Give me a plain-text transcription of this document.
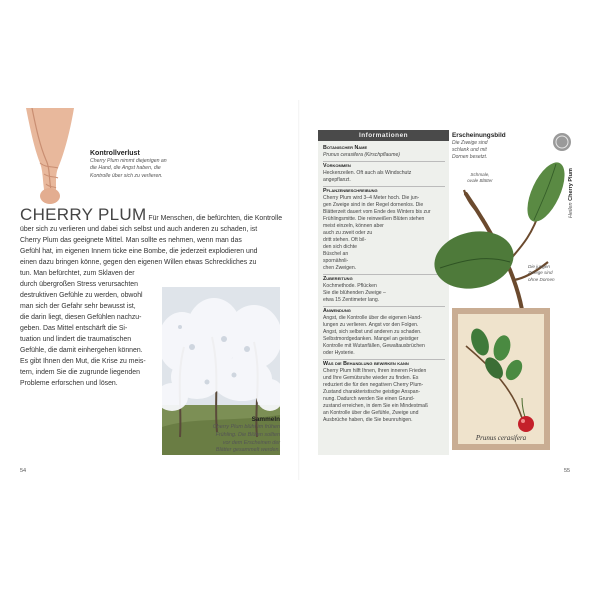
Kontrollverlust
Cherry Plum nimmt diejenigen an die Hand, die Angst haben, die Kontrolle über sich zu verlieren.
CHERRY PLUM Für Menschen, die befürchten, die Kontrolle
über sich zu verlieren und dabei sich selbst und auch anderen zu schaden, ist
Cherry Plum das geeignete Mittel. Man sollte es nehmen, wenn man das
Gefühl hat, im eigenen Innern ticke eine Bombe, die jederzeit explodieren und
einen dazu bringen könne, gegen den eigenen Willen etwas Schreckliches zu
tun. Man befürchtet, zum Sklaven der
durch übergroßen Stress verursachten
destruktiven Gefühle zu werden, obwohl
man sich der Gefahr sehr bewusst ist,
die darin liegt, diesen Gefühlen nachzu-
geben. Das Mittel entschärft die Si-
tuation und lindert die traumatischen
Gefühle, die damit einhergehen können.
Es gibt Ihnen den Mut, die Krise zu meis-
tern, indem Sie die zugrunde liegenden
Probleme erforschen und lösen.
Sammeln
Cherry Plum blüht im frühen
Frühling. Die Blüten sollten
vor dem Erscheinen der
Blätter gesammelt werden.
54
Informationen
Botanischer Name
Prunus cerasifera (Kirschpflaume)
Vorkommen
Heckenzeilen. Oft auch als Windschutz
angepflanzt.
Pflanzenbeschreibung
Cherry Plum wird 3–4 Meter hoch. Die jun-
gen Zweige sind in der Regel dornenlos. Die
Blätterzeit dauert vom Ende des Winters bis zur
Frühlingsmitte. Die reinweißen Blüten stehen
meist einzeln, können aber
auch zu zweit oder zu
dritt stehen. Oft bil-
den sich dichte
Büschel an
spornähnli-
chen Zweigen.
Zubereitung
Kochmethode. Pflücken
Sie die blühenden Zweige –
etwa 15 Zentimeter lang.
Anwendung
Angst, die Kontrolle über die eigenen Hand-
lungen zu verlieren. Angst vor den Folgen.
Angst, sich selbst und anderen zu schaden.
Selbstmordgedanken. Mangel an geistiger
Kontrolle mit Wutanfällen, Gewaltausbrüchen
oder Hysterie.
Was die Behandlung bewirken kann
Cherry Plum hilft Ihnen, Ihren inneren Frieden
und Ihre Gemütsruhe wieder zu finden. Es
reduziert die für den negativen Cherry Plum-
Zustand charakteristische geistige Anspan-
nung. Dadurch werden Sie einen Grund-
zustand erreichen, in dem Sie ein Mindestmaß
an Kontrolle über die Gefühle, Zweige und
Ausbrüche haben, die Sie beunruhigen.
Erscheinungsbild
Die Zweige sind
schlank und mit
Dornen besetzt.
Heilen Cherry Plum
Schmale,
ovale Blätter
Die jungen
Zweige sind
ohne Dornen
Prunus cerasifera
55
